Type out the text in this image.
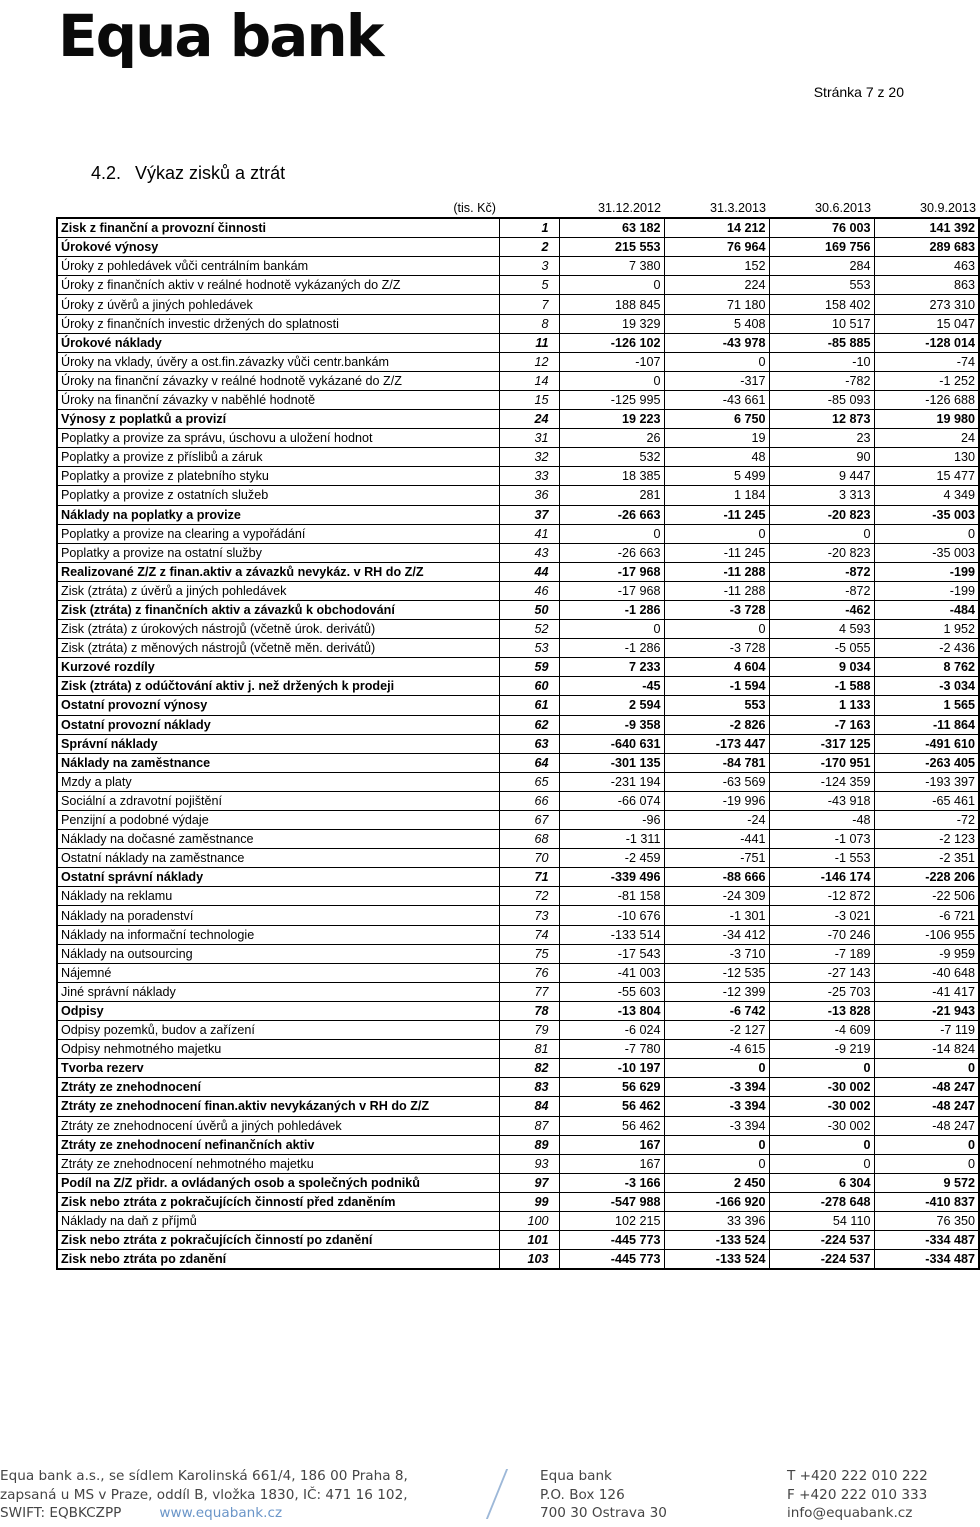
Equa bank
Stránka 7 z 20
4.2. Výkaz zisků a ztrát
(tis. Kč)		31.12.2012	31.3.2013	30.6.2013	30.9.2013
Zisk z finanční a provozní činnosti	1	63 182	14 212	76 003	141 392
Úrokové výnosy	2	215 553	76 964	169 756	289 683
Úroky z pohledávek vůči centrálním bankám	3	7 380	152	284	463
Úroky z finančních aktiv v reálné hodnotě vykázaných do Z/Z	5	0	224	553	863
Úroky z úvěrů a jiných pohledávek	7	188 845	71 180	158 402	273 310
Úroky z finančních investic držených do splatnosti	8	19 329	5 408	10 517	15 047
Úrokové náklady	11	-126 102	-43 978	-85 885	-128 014
Úroky na vklady, úvěry a ost.fin.závazky vůči centr.bankám	12	-107	0	-10	-74
Úroky na finanční závazky v reálné hodnotě vykázané do Z/Z	14	0	-317	-782	-1 252
Úroky na finanční závazky v naběhlé hodnotě	15	-125 995	-43 661	-85 093	-126 688
Výnosy z poplatků a provizí	24	19 223	6 750	12 873	19 980
Poplatky a provize za správu, úschovu a uložení hodnot	31	26	19	23	24
Poplatky a provize z příslibů a záruk	32	532	48	90	130
Poplatky a provize z platebního styku	33	18 385	5 499	9 447	15 477
Poplatky a provize z ostatních služeb	36	281	1 184	3 313	4 349
Náklady na poplatky a provize	37	-26 663	-11 245	-20 823	-35 003
Poplatky a provize na clearing a vypořádání	41	0	0	0	0
Poplatky a provize na ostatní služby	43	-26 663	-11 245	-20 823	-35 003
Realizované Z/Z z finan.aktiv a závazků nevykáz. v RH do Z/Z	44	-17 968	-11 288	-872	-199
Zisk (ztráta) z úvěrů a jiných pohledávek	46	-17 968	-11 288	-872	-199
Zisk (ztráta) z finančních aktiv a závazků k obchodování	50	-1 286	-3 728	-462	-484
Zisk (ztráta) z úrokových nástrojů (včetně úrok. derivátů)	52	0	0	4 593	1 952
Zisk (ztráta) z měnových nástrojů (včetně měn. derivátů)	53	-1 286	-3 728	-5 055	-2 436
Kurzové rozdíly	59	7 233	4 604	9 034	8 762
Zisk (ztráta) z odúčtování aktiv j. než držených k prodeji	60	-45	-1 594	-1 588	-3 034
Ostatní provozní výnosy	61	2 594	553	1 133	1 565
Ostatní provozní náklady	62	-9 358	-2 826	-7 163	-11 864
Správní náklady	63	-640 631	-173 447	-317 125	-491 610
Náklady na zaměstnance	64	-301 135	-84 781	-170 951	-263 405
Mzdy a platy	65	-231 194	-63 569	-124 359	-193 397
Sociální a zdravotní pojištění	66	-66 074	-19 996	-43 918	-65 461
Penzijní a podobné výdaje	67	-96	-24	-48	-72
Náklady na dočasné zaměstnance	68	-1 311	-441	-1 073	-2 123
Ostatní náklady na zaměstnance	70	-2 459	-751	-1 553	-2 351
Ostatní správní náklady	71	-339 496	-88 666	-146 174	-228 206
Náklady na reklamu	72	-81 158	-24 309	-12 872	-22 506
Náklady na poradenství	73	-10 676	-1 301	-3 021	-6 721
Náklady na informační technologie	74	-133 514	-34 412	-70 246	-106 955
Náklady na outsourcing	75	-17 543	-3 710	-7 189	-9 959
Nájemné	76	-41 003	-12 535	-27 143	-40 648
Jiné správní náklady	77	-55 603	-12 399	-25 703	-41 417
Odpisy	78	-13 804	-6 742	-13 828	-21 943
Odpisy pozemků, budov a zařízení	79	-6 024	-2 127	-4 609	-7 119
Odpisy nehmotného majetku	81	-7 780	-4 615	-9 219	-14 824
Tvorba rezerv	82	-10 197	0	0	0
Ztráty ze znehodnocení	83	56 629	-3 394	-30 002	-48 247
Ztráty ze znehodnocení finan.aktiv nevykázaných v RH do Z/Z	84	56 462	-3 394	-30 002	-48 247
Ztráty ze znehodnocení úvěrů a jiných pohledávek	87	56 462	-3 394	-30 002	-48 247
Ztráty ze znehodnocení nefinančních aktiv	89	167	0	0	0
Ztráty ze znehodnocení nehmotného majetku	93	167	0	0	0
Podíl na Z/Z přidr. a ovládaných osob a společných podniků	97	-3 166	2 450	6 304	9 572
Zisk nebo ztráta z pokračujících činností před zdaněním	99	-547 988	-166 920	-278 648	-410 837
Náklady na daň z příjmů	100	102 215	33 396	54 110	76 350
Zisk nebo ztráta z pokračujících činností po zdanění	101	-445 773	-133 524	-224 537	-334 487
Zisk nebo ztráta po zdanění	103	-445 773	-133 524	-224 537	-334 487
Equa bank a.s., se sídlem Karolinská 661/4, 186 00 Praha 8,
zapsaná u MS v Praze, oddíl B, vložka 1830, IČ: 471 16 102,
SWIFT: EQBKCZPP	www.equabank.cz
Equa bank
P.O. Box 126
700 30 Ostrava 30
T +420 222 010 222
F +420 222 010 333
info@equabank.cz
